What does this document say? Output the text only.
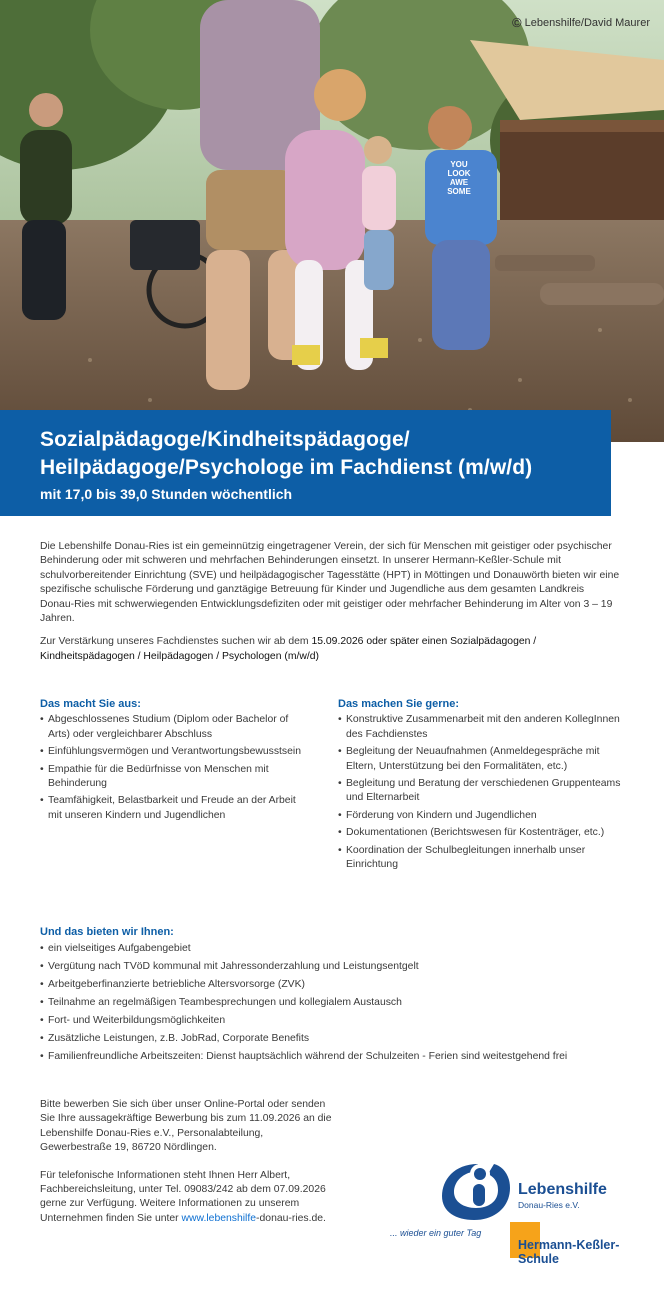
© Lebenshilfe/David Maurer
YOU
LOOK
AWE
SOME
Sozialpädagoge/Kindheitspädagoge/
Heilpädagoge/Psychologe im Fachdienst (m/w/d)
mit 17,0 bis 39,0 Stunden wöchentlich

Die Lebenshilfe Donau-Ries ist ein gemeinnützig eingetragener Verein, der sich für Menschen mit geistiger oder psychischer Behinderung oder mit schweren und mehrfachen Behinderungen einsetzt. In unserer Hermann-Keßler-Schule mit schulvorbereitender Einrichtung (SVE) und heilpädagogischer Tagesstätte (HPT) in Möttingen und Donauwörth bieten wir eine spezifische schulische Förderung und ganztägige Betreuung für Kinder und Jugendliche aus dem gesamten Landkreis Donau-Ries mit schwerwiegenden Entwicklungsdefiziten oder mit geistiger oder mehrfacher Behinderung im Alter von 3 – 19 Jahren.

Zur Verstärkung unseres Fachdienstes suchen wir ab dem 15.09.2026 oder später einen Sozialpädagogen / Kindheitspädagogen / Heilpädagogen / Psychologen (m/w/d)

Das macht Sie aus:
• Abgeschlossenes Studium (Diplom oder Bachelor of Arts) oder vergleichbarer Abschluss
• Einfühlungsvermögen und Verantwortungsbewusstsein
• Empathie für die Bedürfnisse von Menschen mit Behinderung
• Teamfähigkeit, Belastbarkeit und Freude an der Arbeit mit unseren Kindern und Jugendlichen
Das machen Sie gerne:
• Konstruktive Zusammenarbeit mit den anderen KollegInnen des Fachdienstes
• Begleitung der Neuaufnahmen (Anmeldegespräche mit Eltern, Unterstützung bei den Formalitäten, etc.)
• Begleitung und Beratung der verschiedenen Gruppenteams und Elternarbeit
• Förderung von Kindern und Jugendlichen
• Dokumentationen (Berichtswesen für Kostenträger, etc.)
• Koordination der Schulbegleitungen innerhalb unser Einrichtung
Und das bieten wir Ihnen:
• ein vielseitiges Aufgabengebiet
• Vergütung nach TVöD kommunal mit Jahressonderzahlung und Leistungsentgelt
• Arbeitgeberfinanzierte betriebliche Altersvorsorge (ZVK)
• Teilnahme an regelmäßigen Teambesprechungen und kollegialem Austausch
• Fort- und Weiterbildungsmöglichkeiten
• Zusätzliche Leistungen, z.B. JobRad, Corporate Benefits
• Familienfreundliche Arbeitszeiten: Dienst hauptsächlich während der Schulzeiten - Ferien sind weitestgehend frei

Bitte bewerben Sie sich über unser Online-Portal oder senden Sie Ihre aussagekräftige Bewerbung bis zum 11.09.2026 an die Lebenshilfe Donau-Ries e.V., Personalabteilung, Gewerbestraße 19, 86720 Nördlingen.

Für telefonische Informationen steht Ihnen Herr Albert, Fachbereichsleitung, unter Tel. 09083/242 ab dem 07.09.2026 gerne zur Verfügung. Weitere Informationen zu unserem Unternehmen finden Sie unter www.lebenshilfe-donau-ries.de.

Lebenshilfe
Donau-Ries e.V.
... wieder ein guter Tag
Hermann-Keßler-Schule
